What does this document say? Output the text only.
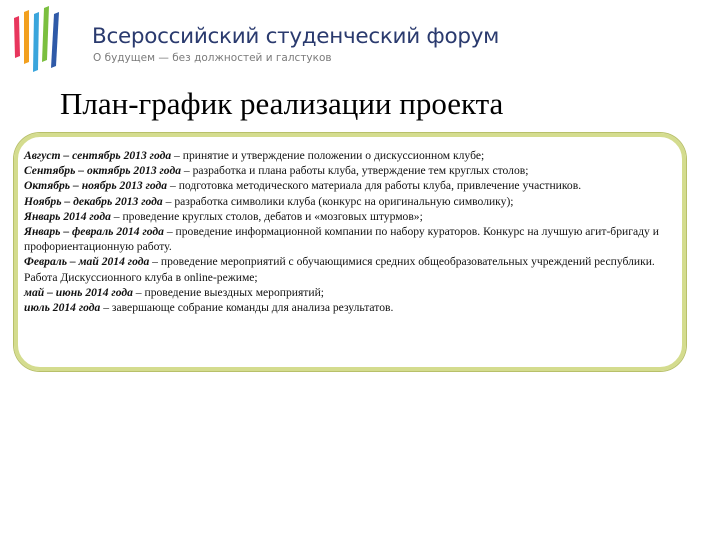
Всероссийский студенческий форум
О будущем — без должностей и галстуков
План-график реализации проекта

Август – сентябрь 2013 года – принятие и утверждение положении о дискуссионном клубе;

Сентябрь – октябрь 2013 года – разработка и плана работы клуба, утверждение тем круглых столов;

Октябрь – ноябрь 2013 года – подготовка методического материала для работы клуба, привлечение участников.

Ноябрь – декабрь 2013 года – разработка символики клуба (конкурс на оригинальную символику);

Январь 2014 года – проведение круглых столов, дебатов и «мозговых штурмов»;

Январь – февраль 2014 года – проведение информационной компании по набору кураторов. Конкурс на лучшую агит-бригаду и профориентационную работу.

Февраль – май 2014 года – проведение мероприятий с обучающимися средних общеобразовательных учреждений республики. Работа Дискуссионного клуба в online-режиме;

май – июнь 2014 года – проведение выездных мероприятий;

июль 2014 года – завершающе собрание команды для анализа результатов.
